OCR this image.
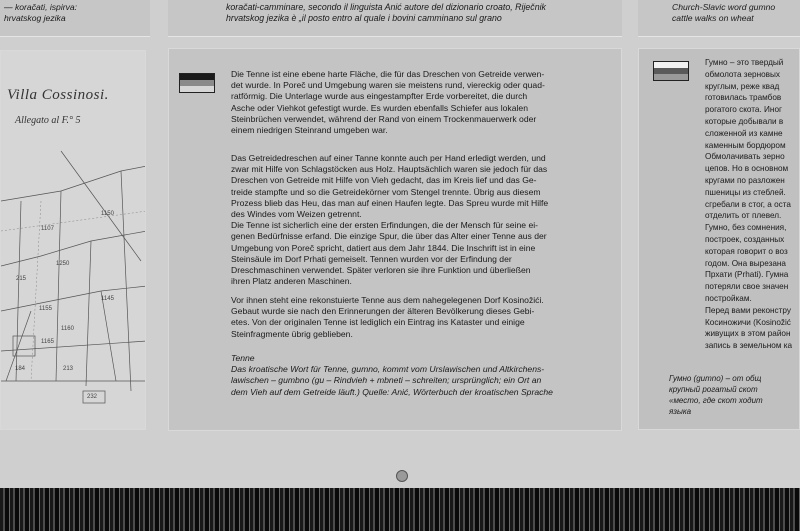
— koračati, ispirva:
hrvatskog jezika
koračati-camminare, secondo il linguista Anić autore del dizionario croato, Riječnik
hrvatskog jezika è „il posto entro al quale i bovini camminano sul grano
Church-Slavic word gumno
cattle walks on wheat
Villa Cossinosi.
Allegato al F.° 5
1250
1107
1150
1145
215
1155
1165
213
184
1160
232
Die Tenne ist eine ebene harte Fläche, die für das Dreschen von Getreide verwen-
det wurde. In Poreč und Umgebung waren sie meistens rund, viereckig oder quad-
ratförmig. Die Unterlage wurde aus eingestampfter Erde vorbereitet, die durch
Asche oder Viehkot gefestigt wurde. Es wurden ebenfalls Schiefer aus lokalen
Steinbrüchen verwendet, während der Rand von einem Trockenmauerwerk oder
einem niedrigen Steinrand umgeben war.
Das Getreidedreschen auf einer Tanne konnte auch per Hand erledigt werden, und
zwar mit Hilfe von Schlagstöcken aus Holz. Hauptsächlich waren sie jedoch für das
Dreschen von Getreide mit Hilfe von Vieh gedacht, das im Kreis lief und das Ge-
treide stampfte und so die Getreidekörner vom Stengel trennte. Übrig aus diesem
Prozess blieb das Heu, das man auf einen Haufen legte. Das Spreu wurde mit Hilfe
des Windes vom Weizen getrennt.
Die Tenne ist sicherlich eine der ersten Erfindungen, die der Mensch für seine ei-
genen Bedürfnisse erfand. Die einzige Spur, die über das Alter einer Tenne aus der
Umgebung von Poreč spricht, datiert aus dem Jahr 1844. Die Inschrift ist in eine
Steinsäule im Dorf Prhati gemeiselt. Tennen wurden vor der Erfindung der
Dreschmaschinen verwendet. Später verloren sie ihre Funktion und überließen
ihren Platz anderen Maschinen.
Vor ihnen steht eine rekonstuierte Tenne aus dem nahegelegenen Dorf Kosinožići.
Gebaut wurde sie nach den Erinnerungen der älteren Bevölkerung dieses Gebi-
etes. Von der originalen Tenne ist lediglich ein Eintrag ins Kataster und einige
Steinfragmente übrig geblieben.
Tenne
Das kroatische Wort für Tenne, gumno, kommt vom Urslawischen und Altkirchens-
lawischen – gumbno (gu – Rindvieh + mbneti – schreiten; ursprünglich; ein Ort an
dem Vieh auf dem Getreide läuft.) Quelle: Anić, Wörterbuch der kroatischen Sprache
Гумно – это твердый
обмолота зерновых
круглым, реже квад
готовилась трамбов
рогатого скота. Иног
которые добывали в
сложенной из камне
каменным бордюром
Обмолачивать зерно
цепов. Но в основном
кругами по разложен
пшеницы из стеблей.
сгребали в стог, а оста
отделить от плевел.
Гумно, без сомнения,
построек, созданных
которая говорит о воз
годом. Она вырезана
Прхати (Prhati). Гумна
потеряли свое значен
постройкам.
Перед вами реконстру
Косиножичи (Kosinožić
живущих в этом район
запись в земельном ка
Гумно (gumno) – от общ
крупный рогатый скот
«место, где скот ходит
языка
